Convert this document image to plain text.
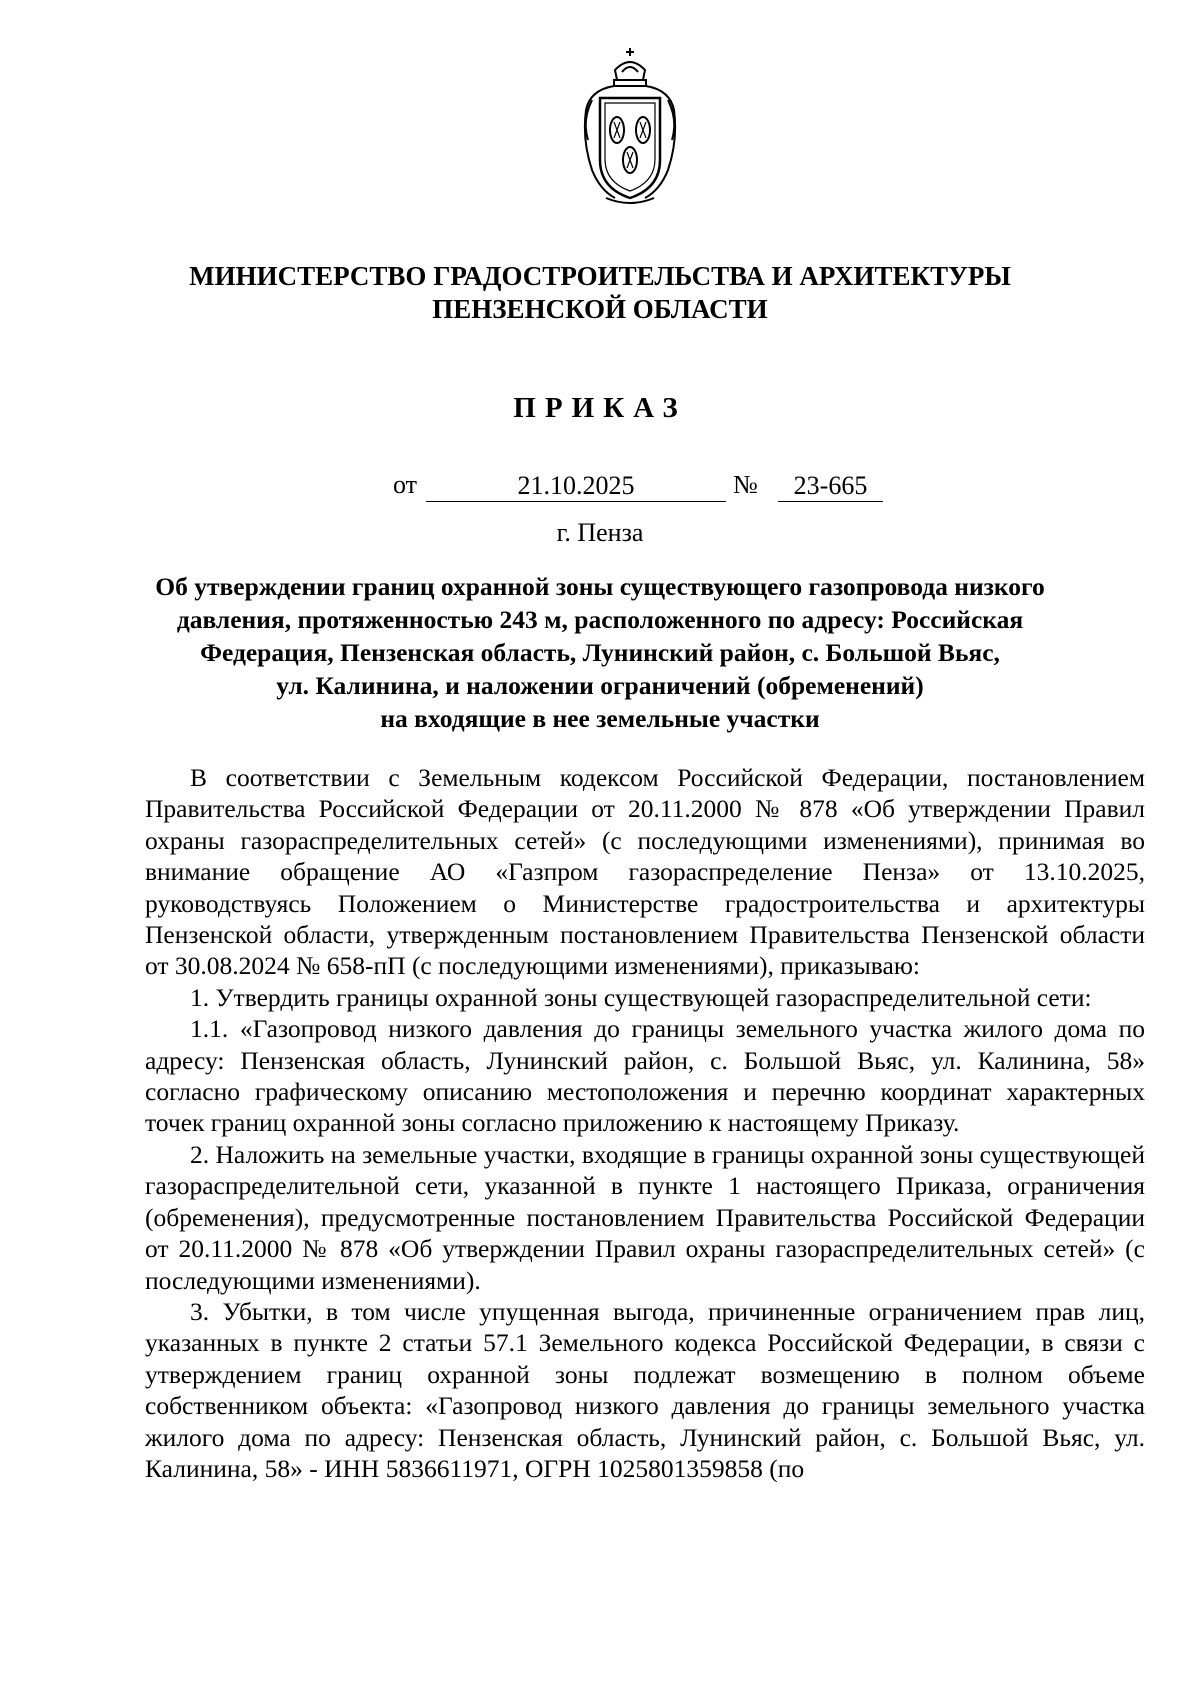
МИНИСТЕРСТВО ГРАДОСТРОИТЕЛЬСТВА И АРХИТЕКТУРЫ
ПЕНЗЕНСКОЙ ОБЛАСТИ
ПРИКАЗ
от	21.10.2025	№	23-665
г. Пенза
Об утверждении границ охранной зоны существующего газопровода низкого
давления, протяженностью 243 м, расположенного по адресу: Российская
Федерация, Пензенская область, Лунинский район, с. Большой Вьяс,
ул. Калинина, и наложении ограничений (обременений)
на входящие в нее земельные участки

В соответствии с Земельным кодексом Российской Федерации, постановлением Правительства Российской Федерации от 20.11.2000 № 878 «Об утверждении Правил охраны газораспределительных сетей» (с последующими изменениями), принимая во внимание обращение АО «Газпром газораспределение Пенза» от 13.10.2025, руководствуясь Положением о Министерстве градостроительства и архитектуры Пензенской области, утвержденным постановлением Правительства Пензенской области от 30.08.2024 № 658-пП (с последующими изменениями), приказываю:

1. Утвердить границы охранной зоны существующей газораспределительной сети:

1.1. «Газопровод низкого давления до границы земельного участка жилого дома по адресу: Пензенская область, Лунинский район, с. Большой Вьяс, ул. Калинина, 58» согласно графическому описанию местоположения и перечню координат характерных точек границ охранной зоны согласно приложению к настоящему Приказу.

2. Наложить на земельные участки, входящие в границы охранной зоны существующей газораспределительной сети, указанной в пункте 1 настоящего Приказа, ограничения (обременения), предусмотренные постановлением Правительства Российской Федерации от 20.11.2000 № 878 «Об утверждении Правил охраны газораспределительных сетей» (с последующими изменениями).

3. Убытки, в том числе упущенная выгода, причиненные ограничением прав лиц, указанных в пункте 2 статьи 57.1 Земельного кодекса Российской Федерации, в связи с утверждением границ охранной зоны подлежат возмещению в полном объеме собственником объекта: «Газопровод низкого давления до границы земельного участка жилого дома по адресу: Пензенская область, Лунинский район, с. Большой Вьяс, ул. Калинина, 58» - ИНН 5836611971, ОГРН 1025801359858 (по
